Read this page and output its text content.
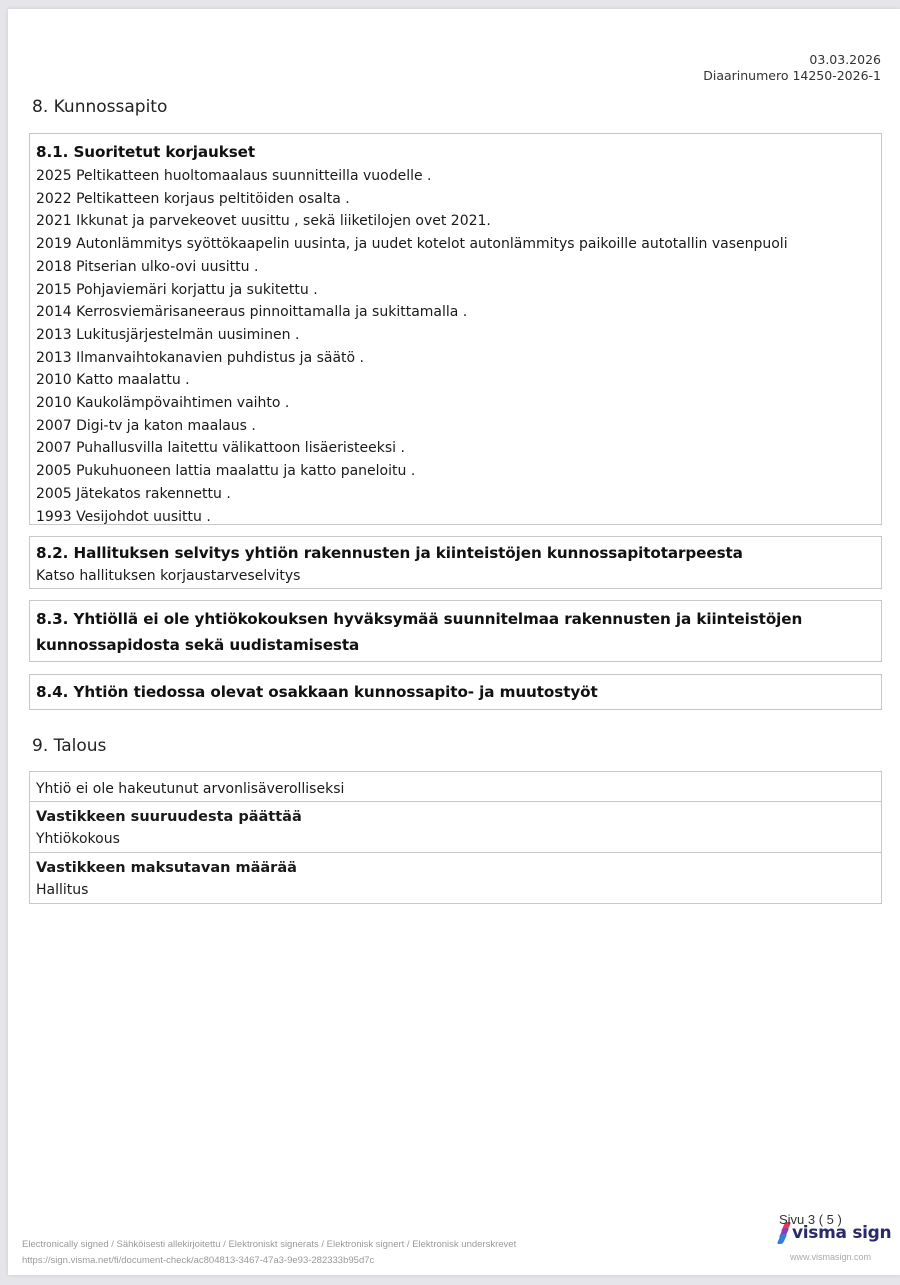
03.03.2026
Diaarinumero 14250-2026-1
8. Kunnossapito
8.1. Suoritetut korjaukset
2025 Peltikatteen huoltomaalaus suunnitteilla vuodelle .
2022 Peltikatteen korjaus peltitöiden osalta .
2021 Ikkunat ja parvekeovet uusittu , sekä liiketilojen ovet 2021.
2019 Autonlämmitys syöttökaapelin uusinta, ja uudet kotelot autonlämmitys paikoille autotallin vasenpuoli
2018 Pitserian ulko-ovi uusittu .
2015 Pohjaviemäri korjattu ja sukitettu .
2014 Kerrosviemärisaneeraus pinnoittamalla ja sukittamalla .
2013 Lukitusjärjestelmän uusiminen .
2013 Ilmanvaihtokanavien puhdistus ja säätö .
2010 Katto maalattu .
2010 Kaukolämpövaihtimen vaihto .
2007 Digi-tv ja katon maalaus .
2007 Puhallusvilla laitettu välikattoon lisäeristeeksi .
2005 Pukuhuoneen lattia maalattu ja katto paneloitu .
2005 Jätekatos rakennettu .
1993 Vesijohdot uusittu .
8.2. Hallituksen selvitys yhtiön rakennusten ja kiinteistöjen kunnossapitotarpeesta
Katso hallituksen korjaustarveselvitys
8.3. Yhtiöllä ei ole yhtiökokouksen hyväksymää suunnitelmaa rakennusten ja kiinteistöjen
kunnossapidosta sekä uudistamisesta
8.4. Yhtiön tiedossa olevat osakkaan kunnossapito- ja muutostyöt
9. Talous
Yhtiö ei ole hakeutunut arvonlisäverolliseksi
Vastikkeen suuruudesta päättää
Yhtiökokous
Vastikkeen maksutavan määrää
Hallitus
Electronically signed / Sähköisesti allekirjoitettu / Elektroniskt signerats / Elektronisk signert / Elektronisk underskrevet
https://sign.visma.net/fi/document-check/ac804813-3467-47a3-9e93-282333b95d7c
Sivu 3 ( 5 )
visma sign
www.vismasign.com
